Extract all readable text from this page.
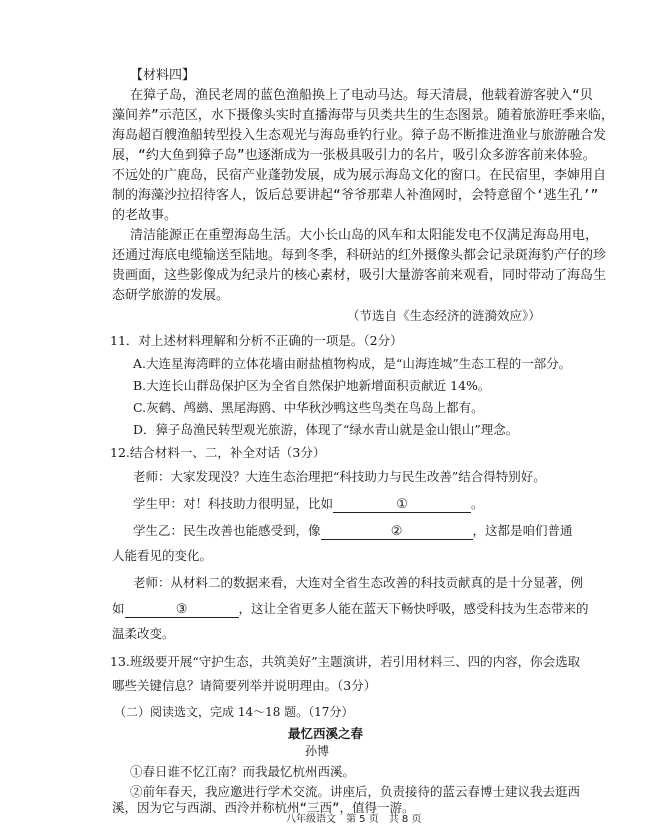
【材料四】
在獐子岛，渔民老周的蓝色渔船换上了电动马达。每天清晨，他载着游客驶入“贝
藻间养”示范区，水下摄像头实时直播海带与贝类共生的生态图景。随着旅游旺季来临，
海岛超百艘渔船转型投入生态观光与海岛垂钓行业。獐子岛不断推进渔业与旅游融合发
展，“约大鱼到獐子岛”也逐渐成为一张极具吸引力的名片，吸引众多游客前来体验。
不远处的广鹿岛，民宿产业蓬勃发展，成为展示海岛文化的窗口。在民宿里，李婶用自
制的海藻沙拉招待客人，饭后总要讲起“爷爷那辈人补渔网时，会特意留个‘逃生孔’”
的老故事。
清洁能源正在重塑海岛生活。大小长山岛的风车和太阳能发电不仅满足海岛用电，
还通过海底电缆输送至陆地。每到冬季，科研站的红外摄像头都会记录斑海豹产仔的珍
贵画面，这些影像成为纪录片的核心素材，吸引大量游客前来观看，同时带动了海岛生
态研学旅游的发展。
（节选自《生态经济的涟漪效应》）
11．对上述材料理解和分析不正确的一项是。（2分）
A.大连星海湾畔的立体花墙由耐盐植物构成，是“山海连城”生态工程的一部分。
B.大连长山群岛保护区为全省自然保护地新增面积贡献近 14%。
C.灰鹤、鸬鹚、黑尾海鸥、中华秋沙鸭这些鸟类在鸟岛上都有。
D．獐子岛渔民转型观光旅游，体现了“绿水青山就是金山银山”理念。
12.结合材料一、二，补全对话（3分）
老师：大家发现没？大连生态治理把“科技助力与民生改善”结合得特别好。
学生甲：对！科技助力很明显，比如	①	。
学生乙：民生改善也能感受到，像	②	，这都是咱们普通
人能看见的变化。
老师：从材料二的数据来看，大连对全省生态改善的科技贡献真的是十分显著，例
如	③	，这让全省更多人能在蓝天下畅快呼吸，感受科技为生态带来的
温柔改变。
13.班级要开展“守护生态，共筑美好”主题演讲，若引用材料三、四的内容，你会选取
哪些关键信息？请简要列举并说明理由。（3分）
（二）阅读选文，完成 14～18 题。（17分）
最忆西溪之春
八年级语文　第 5 页　共 8 页
孙博
①春日谁不忆江南？而我最忆杭州西溪。
②前年春天，我应邀进行学术交流。讲座后，负责接待的蓝云春博士建议我去逛西
溪，因为它与西湖、西泠并称杭州“三西”，值得一游。
